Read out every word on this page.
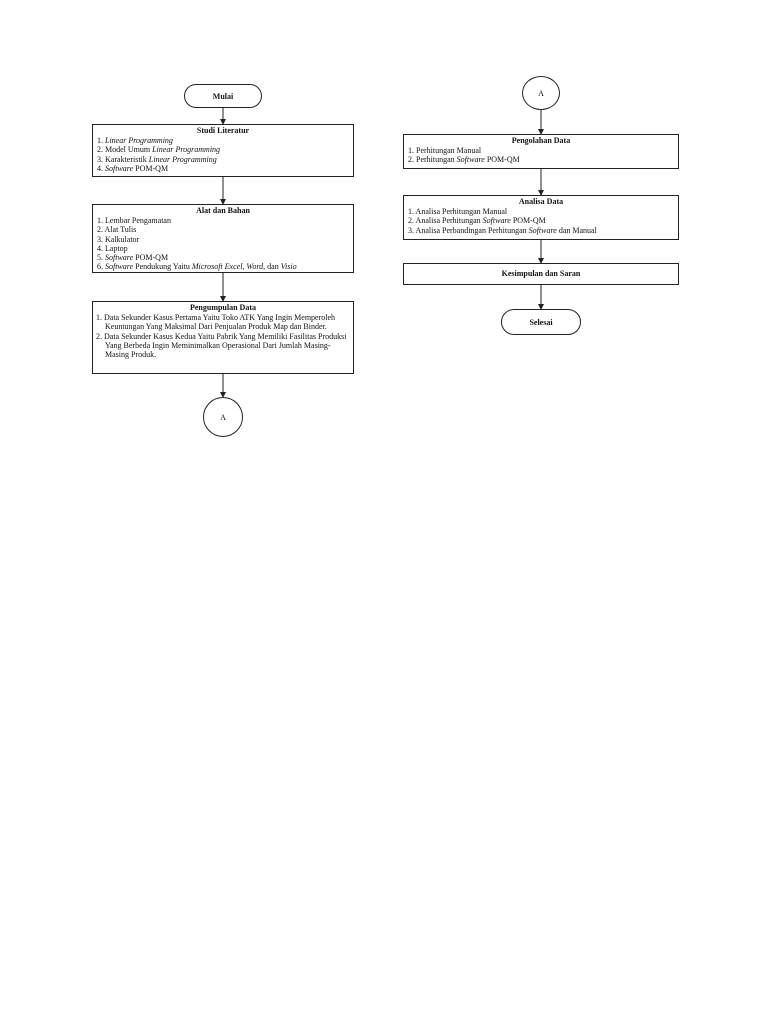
Mulai
Studi Literatur
1. Linear Programming
2. Model Umum Linear Programming
3. Karakteristik Linear Programming
4. Software POM-QM
Alat dan Bahan
1. Lembar Pengamatan
2. Alat Tulis
3. Kalkulator
4. Laptop
5. Software POM-QM
6. Software Pendukung Yaitu Microsoft Excel, Word, dan Visio
Pengumpulan Data
1. Data Sekunder Kasus Pertama Yaitu Toko ATK Yang Ingin Memperoleh Keuntungan Yang Maksimal Dari Penjualan Produk Map dan Binder.
2. Data Sekunder Kasus Kedua Yaitu Pabrik Yang Memiliki Fasilitas Produksi Yang Berbeda Ingin Meminimalkan Operasional Dari Jumlah Masing-Masing Produk.
A
A
Pengolahan Data
1. Perhitungan Manual
2. Perhitungan Software POM-QM
Analisa Data
1. Analisa Perhitungan Manual
2. Analisa Perhitungan Software POM-QM
3. Analisa Perbandingan Perhitungan Software dan Manual
Kesimpulan dan Saran
Selesai
